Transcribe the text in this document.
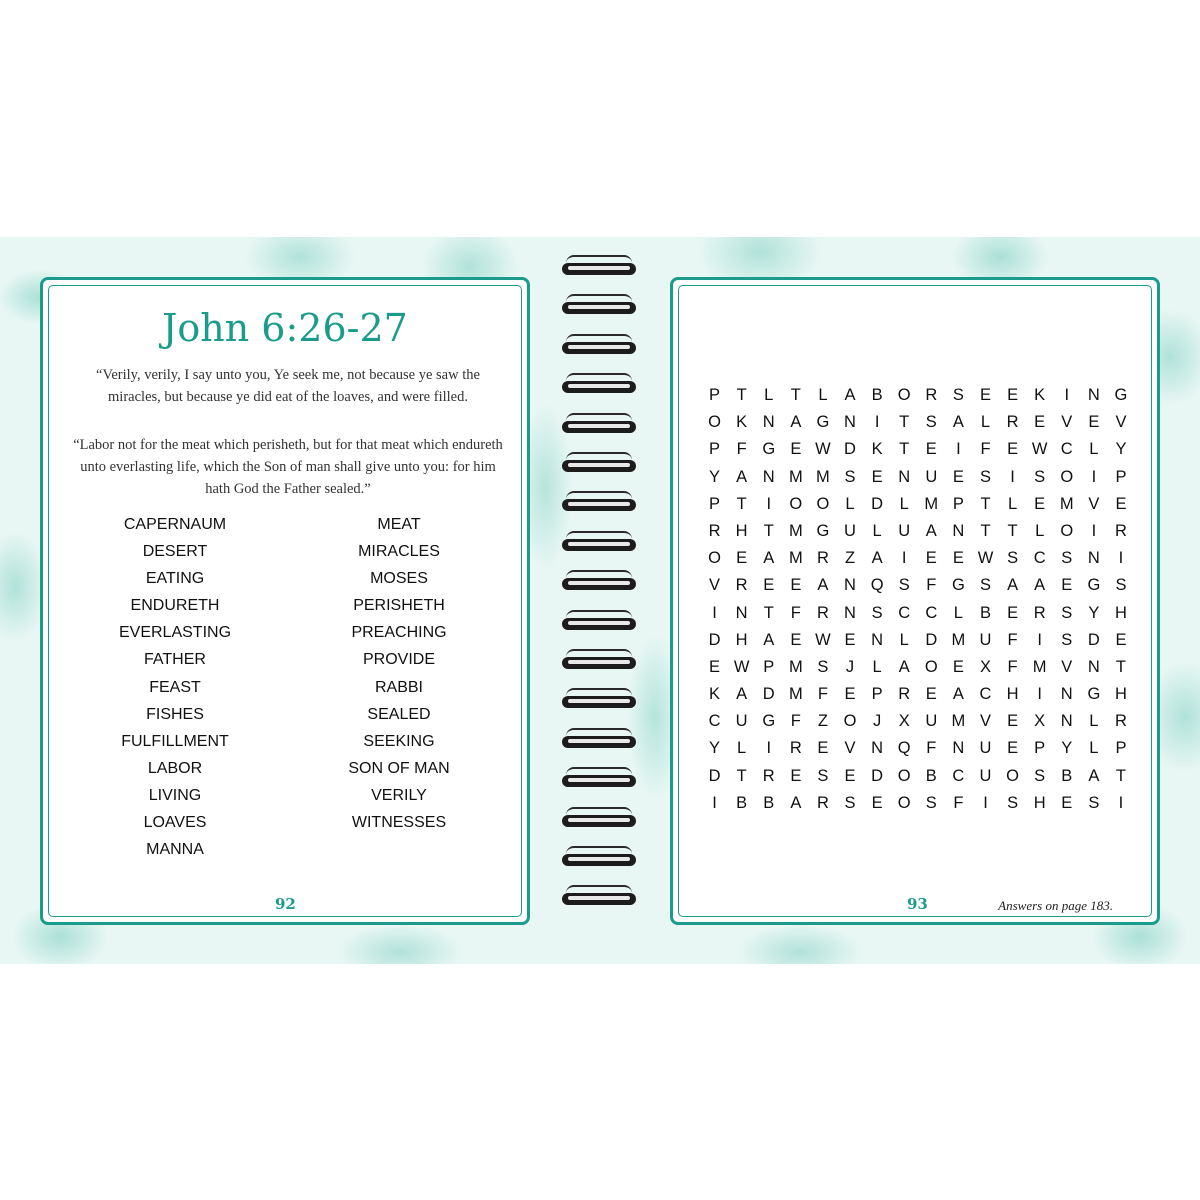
John 6:26-27
“Verily, verily, I say unto you, Ye seek me, not because ye saw the miracles, but because ye did eat of the loaves, and were filled.
“Labor not for the meat which perisheth, but for that meat which endureth unto everlasting life, which the Son of man shall give unto you: for him hath God the Father sealed.”
CAPERNAUM
DESERT
EATING
ENDURETH
EVERLASTING
FATHER
FEAST
FISHES
FULFILLMENT
LABOR
LIVING
LOAVES
MANNA
MEAT
MIRACLES
MOSES
PERISHETH
PREACHING
PROVIDE
RABBI
SEALED
SEEKING
SON OF MAN
VERILY
WITNESSES
92
P T L T L A B O R S E E K I N G
O K N A G N I T S A L R E V E V
P F G E W D K T E I F E W C L Y
Y A N M M S E N U E S I S O I P
P T I O O L D L M P T L E M V E
R H T M G U L U A N T T L O I R
O E A M R Z A I E E W S C S N I
V R E E A N Q S F G S A A E G S
I N T F R N S C C L B E R S Y H
D H A E W E N L D M U F I S D E
E W P M S J L A O E X F M V N T
K A D M F E P R E A C H I N G H
C U G F Z O J X U M V E X N L R
Y L I R E V N Q F N U E P Y L P
D T R E S E D O B C U O S B A T
I B B A R S E O S F I S H E S I
93	Answers on page 183.
